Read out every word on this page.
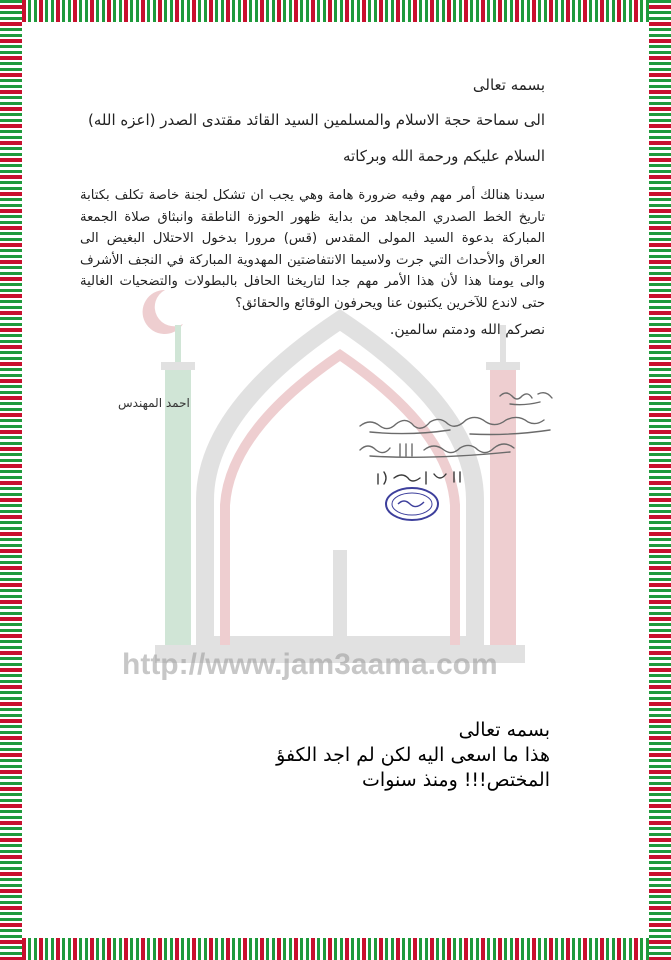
http://www.jam3aama.com
بسمه تعالى
الى سماحة حجة الاسلام والمسلمين السيد القائد مقتدى الصدر (اعزه الله)
السلام عليكم ورحمة الله وبركاته
سيدنا هنالك أمر مهم وفيه ضرورة هامة وهي يجب ان تشكل لجنة خاصة تكلف بكتابة تاريخ الخط الصدري المجاهد من بداية ظهور الحوزة الناطقة وانبثاق صلاة الجمعة المباركة بدعوة السيد المولى المقدس (قس) مرورا بدخول الاحتلال البغيض الى العراق والأحداث التي جرت ولاسيما الانتفاضتين المهدوية المباركة في النجف الأشرف والى يومنا هذا لأن هذا الأمر مهم جدا لتاريخنا الحافل بالبطولات والتضحيات الغالية حتى لاندع للآخرين يكتبون عنا ويحرفون الوقائع والحقائق؟
نصركم الله ودمتم سالمين.
احمد المهندس
بسمه تعالى
هذا ما اسعى اليه لكن لم اجد الكفؤ
المختص!!! ومنذ سنوات
